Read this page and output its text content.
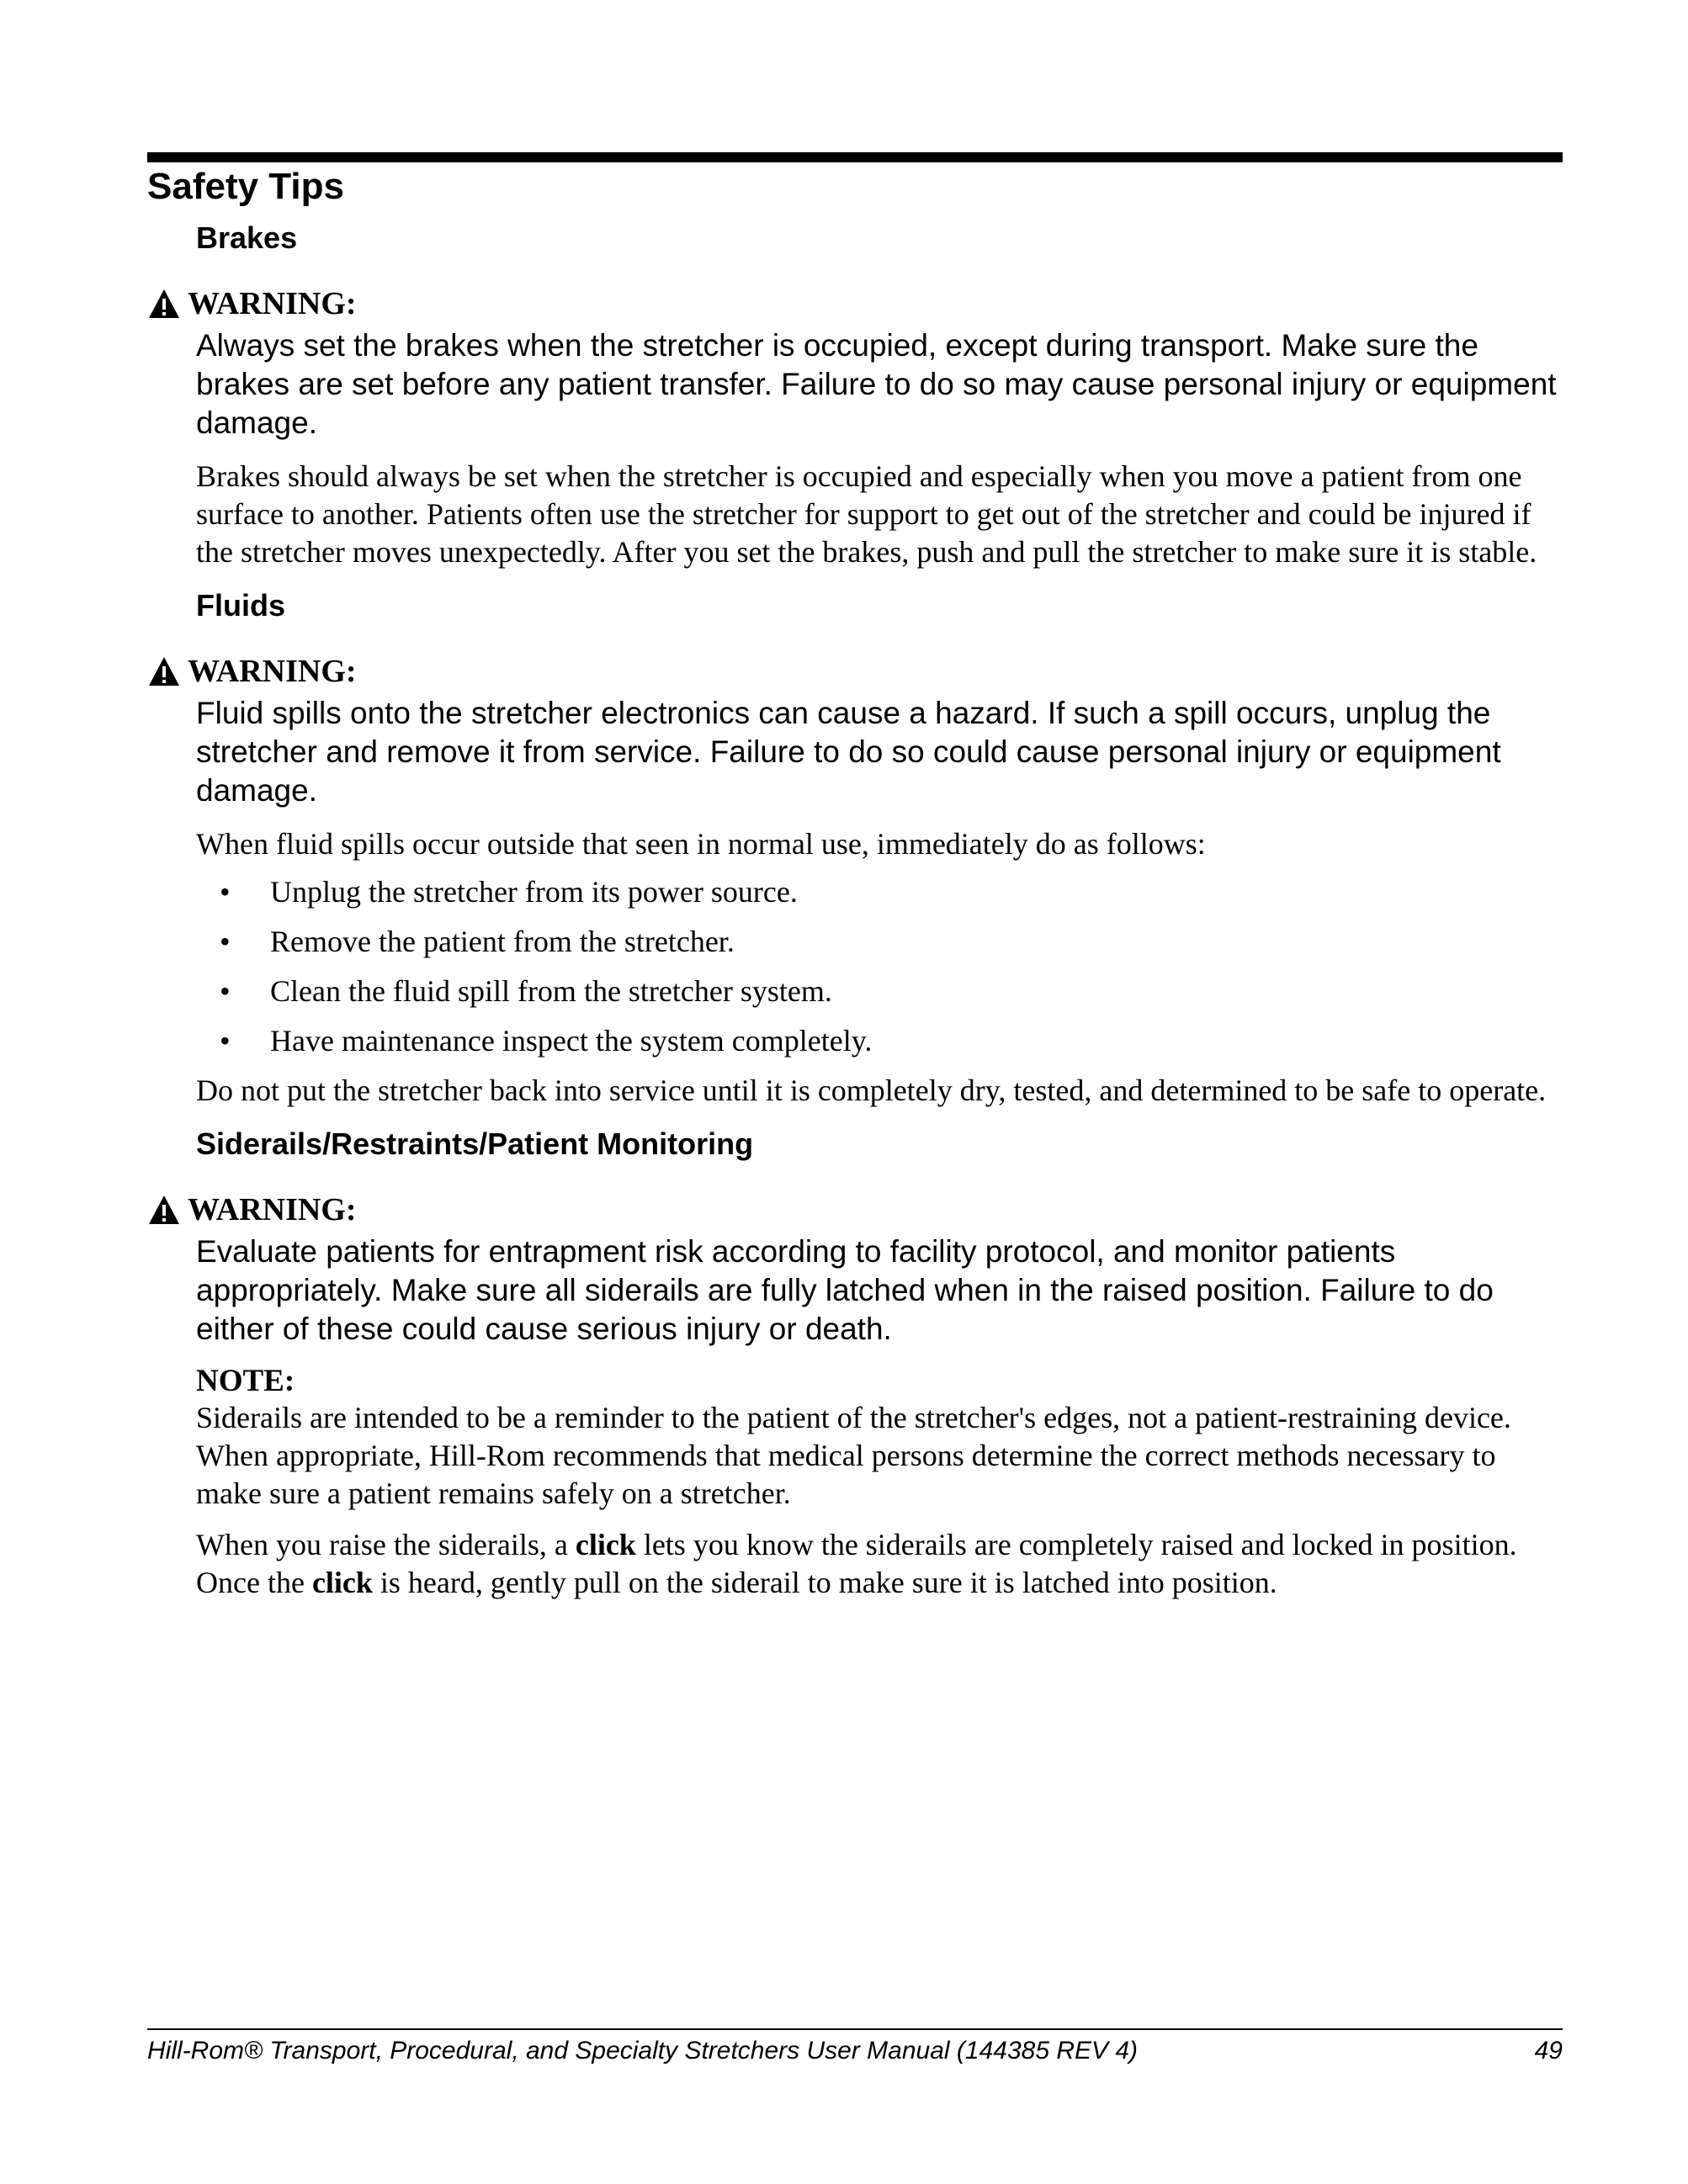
Safety Tips
Brakes
WARNING:

Always set the brakes when the stretcher is occupied, except during transport. Make sure the brakes are set before any patient transfer. Failure to do so may cause personal injury or equipment damage.

Brakes should always be set when the stretcher is occupied and especially when you move a patient from one surface to another. Patients often use the stretcher for support to get out of the stretcher and could be injured if the stretcher moves unexpectedly. After you set the brakes, push and pull the stretcher to make sure it is stable.

Fluids
WARNING:

Fluid spills onto the stretcher electronics can cause a hazard. If such a spill occurs, unplug the stretcher and remove it from service. Failure to do so could cause personal injury or equipment damage.

When fluid spills occur outside that seen in normal use, immediately do as follows:

•	Unplug the stretcher from its power source.
•	Remove the patient from the stretcher.
•	Clean the fluid spill from the stretcher system.
•	Have maintenance inspect the system completely.

Do not put the stretcher back into service until it is completely dry, tested, and determined to be safe to operate.

Siderails/Restraints/Patient Monitoring
WARNING:

Evaluate patients for entrapment risk according to facility protocol, and monitor patients appropriately. Make sure all siderails are fully latched when in the raised position. Failure to do either of these could cause serious injury or death.

NOTE:

Siderails are intended to be a reminder to the patient of the stretcher's edges, not a patient-restraining device. When appropriate, Hill-Rom recommends that medical persons determine the correct methods necessary to make sure a patient remains safely on a stretcher.

When you raise the siderails, a click lets you know the siderails are completely raised and locked in position. Once the click is heard, gently pull on the siderail to make sure it is latched into position.

Hill-Rom® Transport, Procedural, and Specialty Stretchers User Manual (144385 REV 4)	49
